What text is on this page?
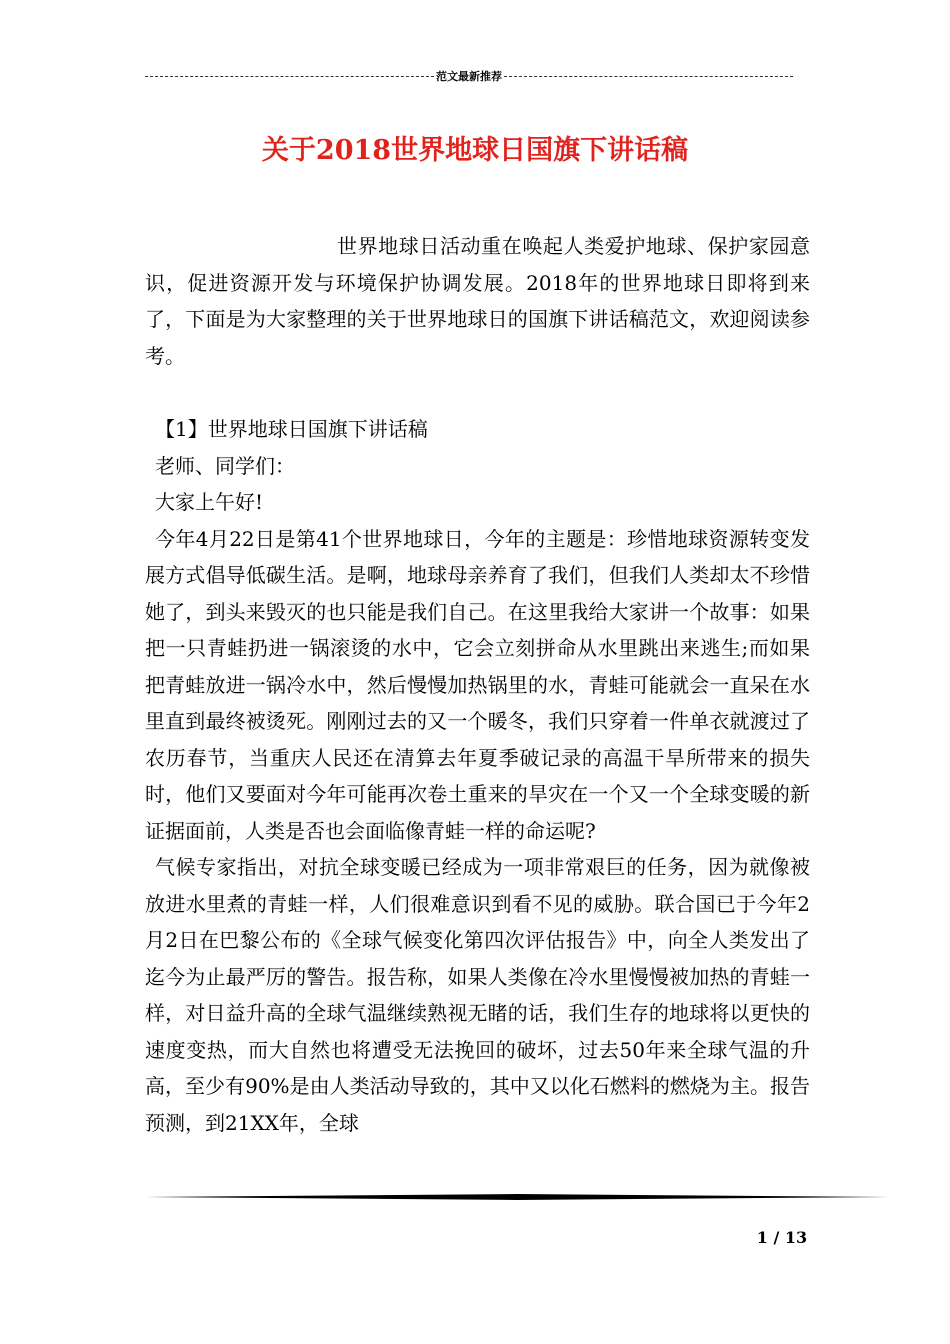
范文最新推荐
关于2018世界地球日国旗下讲话稿

世界地球日活动重在唤起人类爱护地球、保护家园意识，促进资源开发与环境保护协调发展。2018年的世界地球日即将到来了，下面是为大家整理的关于世界地球日的国旗下讲话稿范文，欢迎阅读参考。

【1】世界地球日国旗下讲话稿

老师、同学们：

大家上午好!

今年4月22日是第41个世界地球日，今年的主题是：珍惜地球资源转变发展方式倡导低碳生活。是啊，地球母亲养育了我们，但我们人类却太不珍惜她了，到头来毁灭的也只能是我们自己。在这里我给大家讲一个故事：如果把一只青蛙扔进一锅滚烫的水中，它会立刻拼命从水里跳出来逃生;而如果把青蛙放进一锅冷水中，然后慢慢加热锅里的水，青蛙可能就会一直呆在水里直到最终被烫死。刚刚过去的又一个暖冬，我们只穿着一件单衣就渡过了农历春节，当重庆人民还在清算去年夏季破记录的高温干旱所带来的损失时，他们又要面对今年可能再次卷土重来的旱灾在一个又一个全球变暖的新证据面前，人类是否也会面临像青蛙一样的命运呢?

气候专家指出，对抗全球变暖已经成为一项非常艰巨的任务，因为就像被放进水里煮的青蛙一样，人们很难意识到看不见的威胁。联合国已于今年2月2日在巴黎公布的《全球气候变化第四次评估报告》中，向全人类发出了迄今为止最严厉的警告。报告称，如果人类像在冷水里慢慢被加热的青蛙一样，对日益升高的全球气温继续熟视无睹的话，我们生存的地球将以更快的速度变热，而大自然也将遭受无法挽回的破坏，过去50年来全球气温的升高，至少有90%是由人类活动导致的，其中又以化石燃料的燃烧为主。报告预测，到21XX年，全球

1 / 13
